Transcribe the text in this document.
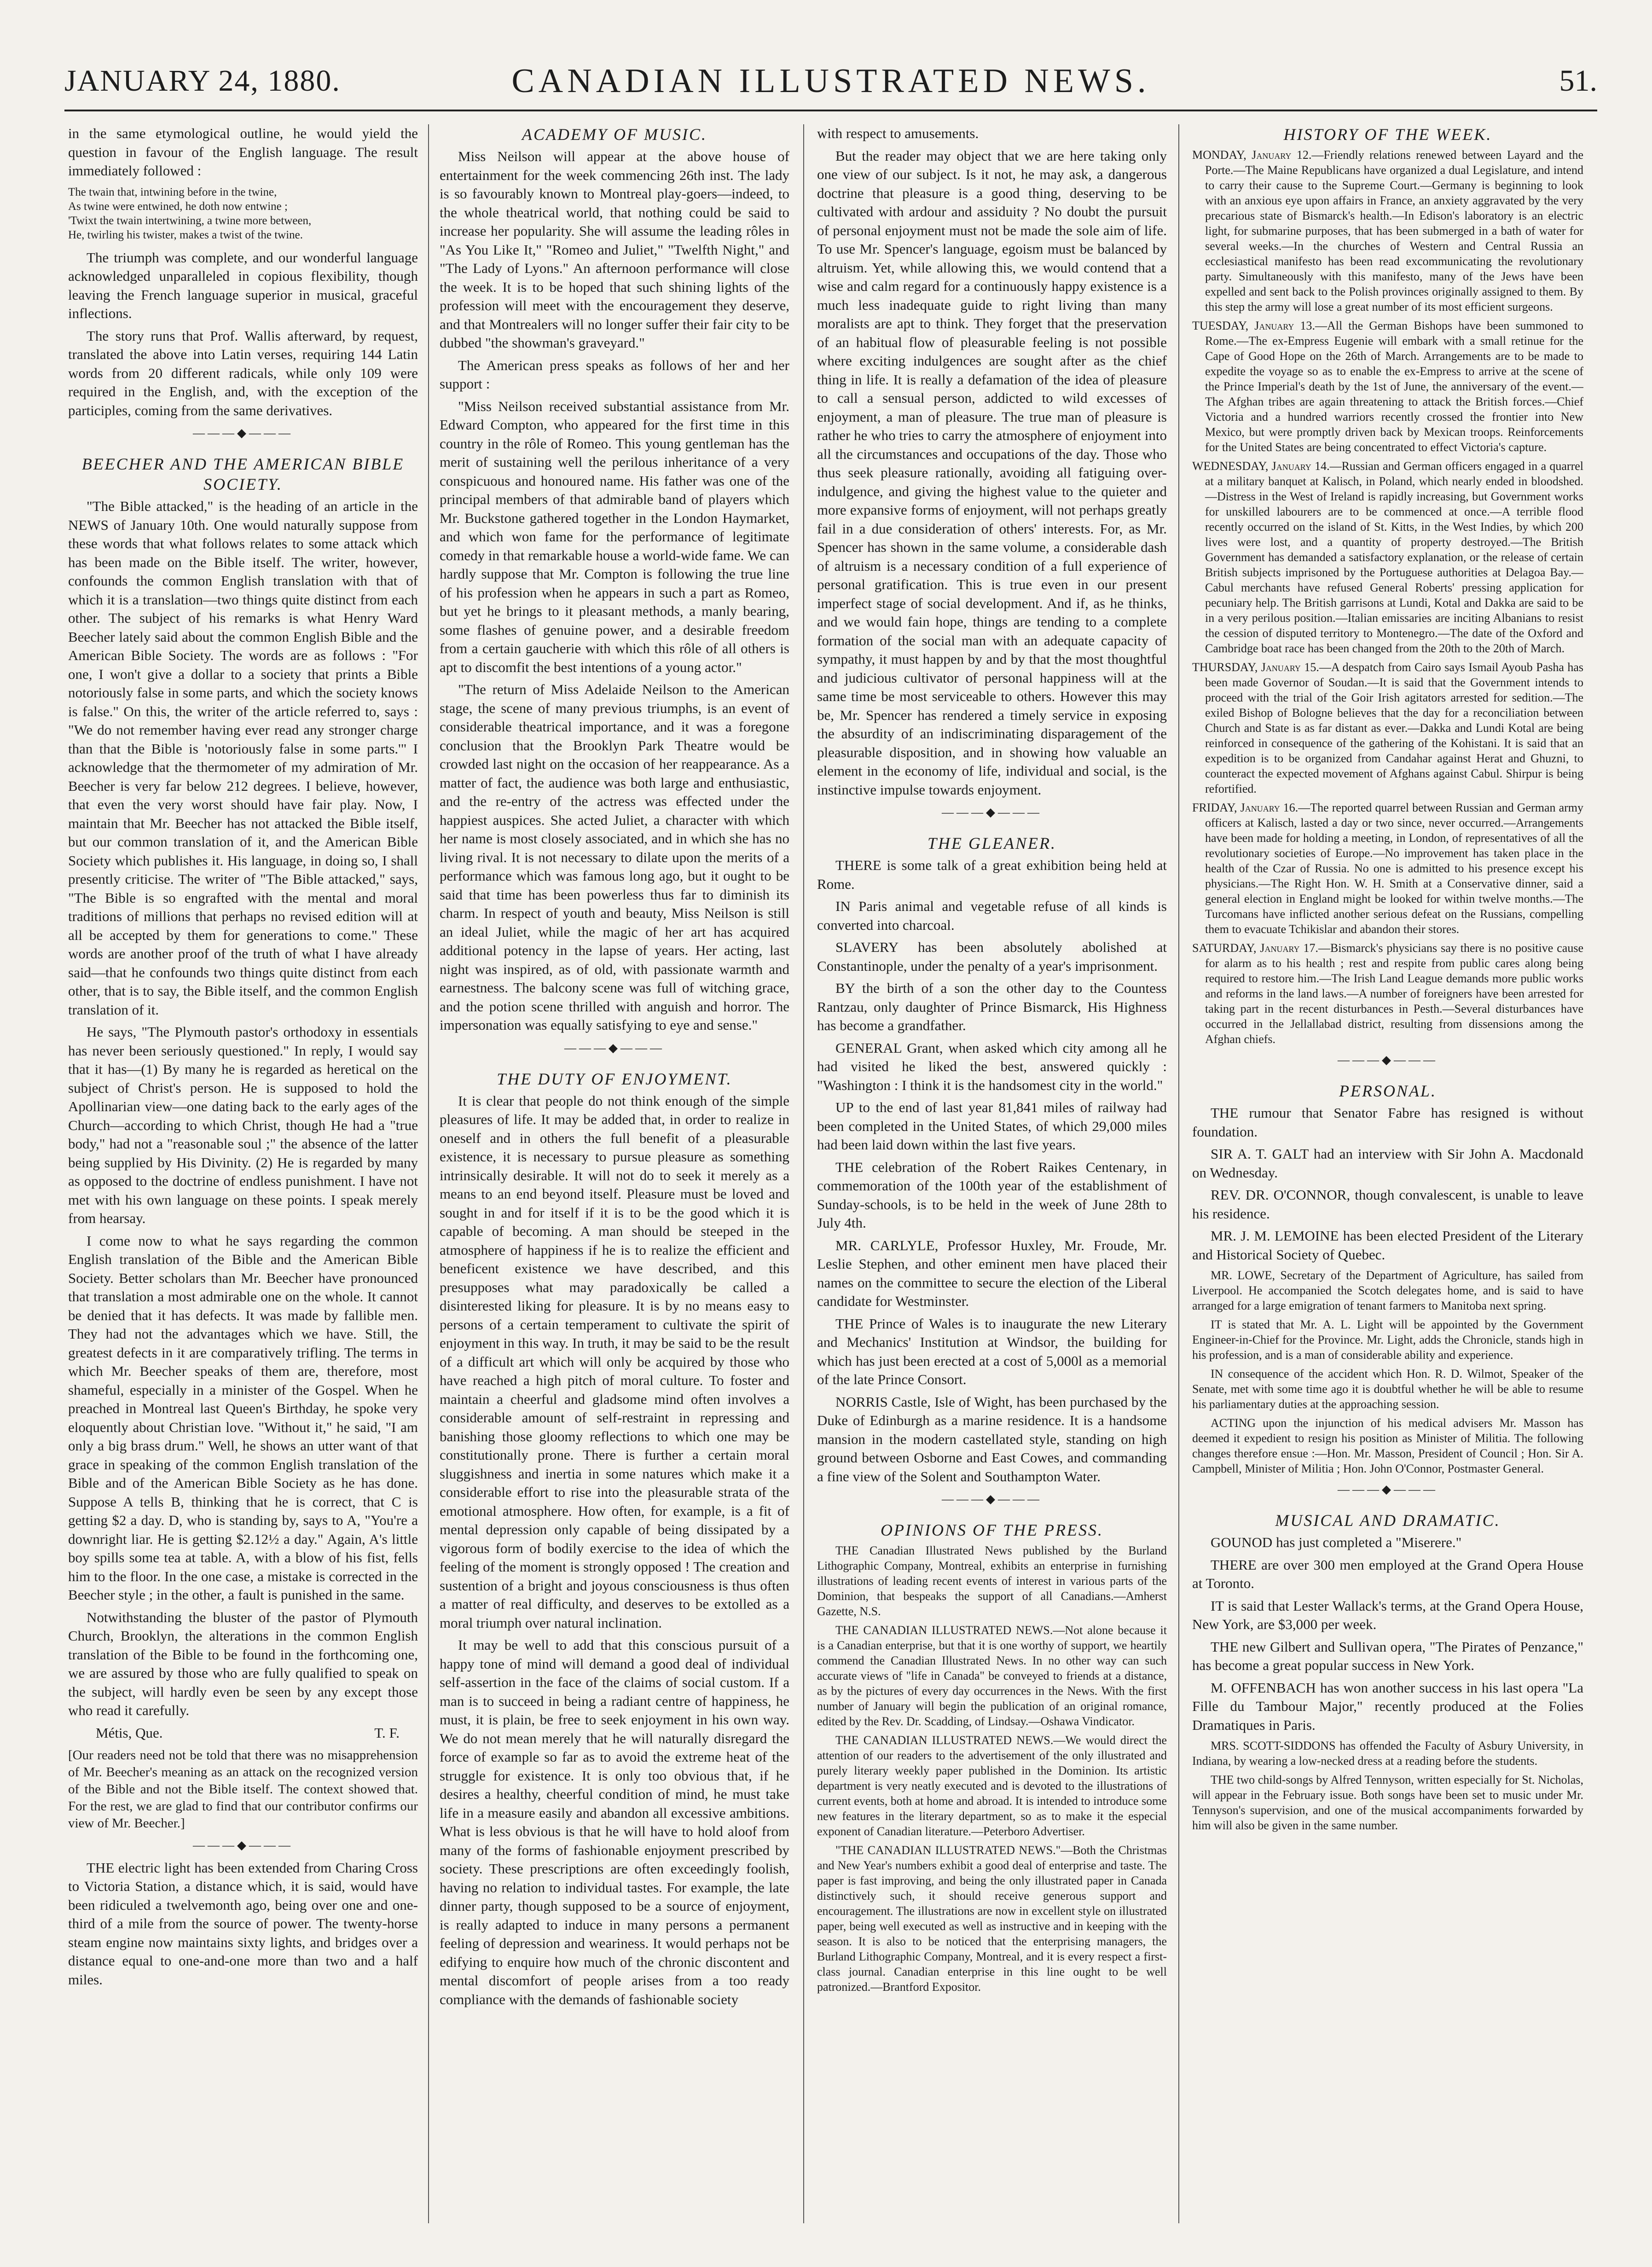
JANUARY 24, 1880.	CANADIAN ILLUSTRATED NEWS.	51.

in the same etymological outline, he would yield the question in favour of the English language. The result immediately followed :

The twain that, intwining before in the twine,
As twine were entwined, he doth now entwine ;
'Twixt the twain intertwining, a twine more between,
He, twirling his twister, makes a twist of the twine.

The triumph was complete, and our wonderful language acknowledged unparalleled in copious flexibility, though leaving the French language superior in musical, graceful inflections.

The story runs that Prof. Wallis afterward, by request, translated the above into Latin verses, requiring 144 Latin words from 20 different radicals, while only 109 were required in the English, and, with the exception of the participles, coming from the same derivatives.

———◆———
BEECHER AND THE AMERICAN BIBLE SOCIETY.

"The Bible attacked," is the heading of an article in the NEWS of January 10th. One would naturally suppose from these words that what follows relates to some attack which has been made on the Bible itself. The writer, however, confounds the common English translation with that of which it is a translation—two things quite distinct from each other. The subject of his remarks is what Henry Ward Beecher lately said about the common English Bible and the American Bible Society. The words are as follows : "For one, I won't give a dollar to a society that prints a Bible notoriously false in some parts, and which the society knows is false." On this, the writer of the article referred to, says : "We do not remember having ever read any stronger charge than that the Bible is 'notoriously false in some parts.'" I acknowledge that the thermometer of my admiration of Mr. Beecher is very far below 212 degrees. I believe, however, that even the very worst should have fair play. Now, I maintain that Mr. Beecher has not attacked the Bible itself, but our common translation of it, and the American Bible Society which publishes it. His language, in doing so, I shall presently criticise. The writer of "The Bible attacked," says, "The Bible is so engrafted with the mental and moral traditions of millions that perhaps no revised edition will at all be accepted by them for generations to come." These words are another proof of the truth of what I have already said—that he confounds two things quite distinct from each other, that is to say, the Bible itself, and the common English translation of it.

He says, "The Plymouth pastor's orthodoxy in essentials has never been seriously questioned." In reply, I would say that it has—(1) By many he is regarded as heretical on the subject of Christ's person. He is supposed to hold the Apollinarian view—one dating back to the early ages of the Church—according to which Christ, though He had a "true body," had not a "reasonable soul ;" the absence of the latter being supplied by His Divinity. (2) He is regarded by many as opposed to the doctrine of endless punishment. I have not met with his own language on these points. I speak merely from hearsay.

I come now to what he says regarding the common English translation of the Bible and the American Bible Society. Better scholars than Mr. Beecher have pronounced that translation a most admirable one on the whole. It cannot be denied that it has defects. It was made by fallible men. They had not the advantages which we have. Still, the greatest defects in it are comparatively trifling. The terms in which Mr. Beecher speaks of them are, therefore, most shameful, especially in a minister of the Gospel. When he preached in Montreal last Queen's Birthday, he spoke very eloquently about Christian love. "Without it," he said, "I am only a big brass drum." Well, he shows an utter want of that grace in speaking of the common English translation of the Bible and of the American Bible Society as he has done. Suppose A tells B, thinking that he is correct, that C is getting $2 a day. D, who is standing by, says to A, "You're a downright liar. He is getting $2.12½ a day." Again, A's little boy spills some tea at table. A, with a blow of his fist, fells him to the floor. In the one case, a mistake is corrected in the Beecher style ; in the other, a fault is punished in the same.

Notwithstanding the bluster of the pastor of Plymouth Church, Brooklyn, the alterations in the common English translation of the Bible to be found in the forthcoming one, we are assured by those who are fully qualified to speak on the subject, will hardly even be seen by any except those who read it carefully.

Métis, Que.	T. F.
[Our readers need not be told that there was no misapprehension of Mr. Beecher's meaning as an attack on the recognized version of the Bible and not the Bible itself. The context showed that. For the rest, we are glad to find that our contributor confirms our view of Mr. Beecher.]
———◆———

THE electric light has been extended from Charing Cross to Victoria Station, a distance which, it is said, would have been ridiculed a twelvemonth ago, being over one and one-third of a mile from the source of power. The twenty-horse steam engine now maintains sixty lights, and bridges over a distance equal to one-and-one more than two and a half miles.

ACADEMY OF MUSIC.

Miss Neilson will appear at the above house of entertainment for the week commencing 26th inst. The lady is so favourably known to Montreal play-goers—indeed, to the whole theatrical world, that nothing could be said to increase her popularity. She will assume the leading rôles in "As You Like It," "Romeo and Juliet," "Twelfth Night," and "The Lady of Lyons." An afternoon performance will close the week. It is to be hoped that such shining lights of the profession will meet with the encouragement they deserve, and that Montrealers will no longer suffer their fair city to be dubbed "the showman's graveyard."

The American press speaks as follows of her and her support :

"Miss Neilson received substantial assistance from Mr. Edward Compton, who appeared for the first time in this country in the rôle of Romeo. This young gentleman has the merit of sustaining well the perilous inheritance of a very conspicuous and honoured name. His father was one of the principal members of that admirable band of players which Mr. Buckstone gathered together in the London Haymarket, and which won fame for the performance of legitimate comedy in that remarkable house a world-wide fame. We can hardly suppose that Mr. Compton is following the true line of his profession when he appears in such a part as Romeo, but yet he brings to it pleasant methods, a manly bearing, some flashes of genuine power, and a desirable freedom from a certain gaucherie with which this rôle of all others is apt to discomfit the best intentions of a young actor."

"The return of Miss Adelaide Neilson to the American stage, the scene of many previous triumphs, is an event of considerable theatrical importance, and it was a foregone conclusion that the Brooklyn Park Theatre would be crowded last night on the occasion of her reappearance. As a matter of fact, the audience was both large and enthusiastic, and the re-entry of the actress was effected under the happiest auspices. She acted Juliet, a character with which her name is most closely associated, and in which she has no living rival. It is not necessary to dilate upon the merits of a performance which was famous long ago, but it ought to be said that time has been powerless thus far to diminish its charm. In respect of youth and beauty, Miss Neilson is still an ideal Juliet, while the magic of her art has acquired additional potency in the lapse of years. Her acting, last night was inspired, as of old, with passionate warmth and earnestness. The balcony scene was full of witching grace, and the potion scene thrilled with anguish and horror. The impersonation was equally satisfying to eye and sense."

———◆———
THE DUTY OF ENJOYMENT.

It is clear that people do not think enough of the simple pleasures of life. It may be added that, in order to realize in oneself and in others the full benefit of a pleasurable existence, it is necessary to pursue pleasure as something intrinsically desirable. It will not do to seek it merely as a means to an end beyond itself. Pleasure must be loved and sought in and for itself if it is to be the good which it is capable of becoming. A man should be steeped in the atmosphere of happiness if he is to realize the efficient and beneficent existence we have described, and this presupposes what may paradoxically be called a disinterested liking for pleasure. It is by no means easy to persons of a certain temperament to cultivate the spirit of enjoyment in this way. In truth, it may be said to be the result of a difficult art which will only be acquired by those who have reached a high pitch of moral culture. To foster and maintain a cheerful and gladsome mind often involves a considerable amount of self-restraint in repressing and banishing those gloomy reflections to which one may be constitutionally prone. There is further a certain moral sluggishness and inertia in some natures which make it a considerable effort to rise into the pleasurable strata of the emotional atmosphere. How often, for example, is a fit of mental depression only capable of being dissipated by a vigorous form of bodily exercise to the idea of which the feeling of the moment is strongly opposed ! The creation and sustention of a bright and joyous consciousness is thus often a matter of real difficulty, and deserves to be extolled as a moral triumph over natural inclination.

It may be well to add that this conscious pursuit of a happy tone of mind will demand a good deal of individual self-assertion in the face of the claims of social custom. If a man is to succeed in being a radiant centre of happiness, he must, it is plain, be free to seek enjoyment in his own way. We do not mean merely that he will naturally disregard the force of example so far as to avoid the extreme heat of the struggle for existence. It is only too obvious that, if he desires a healthy, cheerful condition of mind, he must take life in a measure easily and abandon all excessive ambitions. What is less obvious is that he will have to hold aloof from many of the forms of fashionable enjoyment prescribed by society. These prescriptions are often exceedingly foolish, having no relation to individual tastes. For example, the late dinner party, though supposed to be a source of enjoyment, is really adapted to induce in many persons a permanent feeling of depression and weariness. It would perhaps not be edifying to enquire how much of the chronic discontent and mental discomfort of people arises from a too ready compliance with the demands of fashionable society

with respect to amusements.

But the reader may object that we are here taking only one view of our subject. Is it not, he may ask, a dangerous doctrine that pleasure is a good thing, deserving to be cultivated with ardour and assiduity ? No doubt the pursuit of personal enjoyment must not be made the sole aim of life. To use Mr. Spencer's language, egoism must be balanced by altruism. Yet, while allowing this, we would contend that a wise and calm regard for a continuously happy existence is a much less inadequate guide to right living than many moralists are apt to think. They forget that the preservation of an habitual flow of pleasurable feeling is not possible where exciting indulgences are sought after as the chief thing in life. It is really a defamation of the idea of pleasure to call a sensual person, addicted to wild excesses of enjoyment, a man of pleasure. The true man of pleasure is rather he who tries to carry the atmosphere of enjoyment into all the circumstances and occupations of the day. Those who thus seek pleasure rationally, avoiding all fatiguing over-indulgence, and giving the highest value to the quieter and more expansive forms of enjoyment, will not perhaps greatly fail in a due consideration of others' interests. For, as Mr. Spencer has shown in the same volume, a considerable dash of altruism is a necessary condition of a full experience of personal gratification. This is true even in our present imperfect stage of social development. And if, as he thinks, and we would fain hope, things are tending to a complete formation of the social man with an adequate capacity of sympathy, it must happen by and by that the most thoughtful and judicious cultivator of personal happiness will at the same time be most serviceable to others. However this may be, Mr. Spencer has rendered a timely service in exposing the absurdity of an indiscriminating disparagement of the pleasurable disposition, and in showing how valuable an element in the economy of life, individual and social, is the instinctive impulse towards enjoyment.

———◆———
THE GLEANER.

THERE is some talk of a great exhibition being held at Rome.

IN Paris animal and vegetable refuse of all kinds is converted into charcoal.

SLAVERY has been absolutely abolished at Constantinople, under the penalty of a year's imprisonment.

BY the birth of a son the other day to the Countess Rantzau, only daughter of Prince Bismarck, His Highness has become a grandfather.

GENERAL Grant, when asked which city among all he had visited he liked the best, answered quickly : "Washington : I think it is the handsomest city in the world."

UP to the end of last year 81,841 miles of railway had been completed in the United States, of which 29,000 miles had been laid down within the last five years.

THE celebration of the Robert Raikes Centenary, in commemoration of the 100th year of the establishment of Sunday-schools, is to be held in the week of June 28th to July 4th.

MR. CARLYLE, Professor Huxley, Mr. Froude, Mr. Leslie Stephen, and other eminent men have placed their names on the committee to secure the election of the Liberal candidate for Westminster.

THE Prince of Wales is to inaugurate the new Literary and Mechanics' Institution at Windsor, the building for which has just been erected at a cost of 5,000l as a memorial of the late Prince Consort.

NORRIS Castle, Isle of Wight, has been purchased by the Duke of Edinburgh as a marine residence. It is a handsome mansion in the modern castellated style, standing on high ground between Osborne and East Cowes, and commanding a fine view of the Solent and Southampton Water.

———◆———
OPINIONS OF THE PRESS.

THE Canadian Illustrated News published by the Burland Lithographic Company, Montreal, exhibits an enterprise in furnishing illustrations of leading recent events of interest in various parts of the Dominion, that bespeaks the support of all Canadians.—Amherst Gazette, N.S.

THE CANADIAN ILLUSTRATED NEWS.—Not alone because it is a Canadian enterprise, but that it is one worthy of support, we heartily commend the Canadian Illustrated News. In no other way can such accurate views of "life in Canada" be conveyed to friends at a distance, as by the pictures of every day occurrences in the News. With the first number of January will begin the publication of an original romance, edited by the Rev. Dr. Scadding, of Lindsay.—Oshawa Vindicator.

THE CANADIAN ILLUSTRATED NEWS.—We would direct the attention of our readers to the advertisement of the only illustrated and purely literary weekly paper published in the Dominion. Its artistic department is very neatly executed and is devoted to the illustrations of current events, both at home and abroad. It is intended to introduce some new features in the literary department, so as to make it the especial exponent of Canadian literature.—Peterboro Advertiser.

"THE CANADIAN ILLUSTRATED NEWS."—Both the Christmas and New Year's numbers exhibit a good deal of enterprise and taste. The paper is fast improving, and being the only illustrated paper in Canada distinctively such, it should receive generous support and encouragement. The illustrations are now in excellent style on illustrated paper, being well executed as well as instructive and in keeping with the season. It is also to be noticed that the enterprising managers, the Burland Lithographic Company, Montreal, and it is every respect a first-class journal. Canadian enterprise in this line ought to be well patronized.—Brantford Expositor.

HISTORY OF THE WEEK.

MONDAY, January 12.—Friendly relations renewed between Layard and the Porte.—The Maine Republicans have organized a dual Legislature, and intend to carry their cause to the Supreme Court.—Germany is beginning to look with an anxious eye upon affairs in France, an anxiety aggravated by the very precarious state of Bismarck's health.—In Edison's laboratory is an electric light, for submarine purposes, that has been submerged in a bath of water for several weeks.—In the churches of Western and Central Russia an ecclesiastical manifesto has been read excommunicating the revolutionary party. Simultaneously with this manifesto, many of the Jews have been expelled and sent back to the Polish provinces originally assigned to them. By this step the army will lose a great number of its most efficient surgeons.

TUESDAY, January 13.—All the German Bishops have been summoned to Rome.—The ex-Empress Eugenie will embark with a small retinue for the Cape of Good Hope on the 26th of March. Arrangements are to be made to expedite the voyage so as to enable the ex-Empress to arrive at the scene of the Prince Imperial's death by the 1st of June, the anniversary of the event.—The Afghan tribes are again threatening to attack the British forces.—Chief Victoria and a hundred warriors recently crossed the frontier into New Mexico, but were promptly driven back by Mexican troops. Reinforcements for the United States are being concentrated to effect Victoria's capture.

WEDNESDAY, January 14.—Russian and German officers engaged in a quarrel at a military banquet at Kalisch, in Poland, which nearly ended in bloodshed.—Distress in the West of Ireland is rapidly increasing, but Government works for unskilled labourers are to be commenced at once.—A terrible flood recently occurred on the island of St. Kitts, in the West Indies, by which 200 lives were lost, and a quantity of property destroyed.—The British Government has demanded a satisfactory explanation, or the release of certain British subjects imprisoned by the Portuguese authorities at Delagoa Bay.—Cabul merchants have refused General Roberts' pressing application for pecuniary help. The British garrisons at Lundi, Kotal and Dakka are said to be in a very perilous position.—Italian emissaries are inciting Albanians to resist the cession of disputed territory to Montenegro.—The date of the Oxford and Cambridge boat race has been changed from the 20th to the 20th of March.

THURSDAY, January 15.—A despatch from Cairo says Ismail Ayoub Pasha has been made Governor of Soudan.—It is said that the Government intends to proceed with the trial of the Goir Irish agitators arrested for sedition.—The exiled Bishop of Bologne believes that the day for a reconciliation between Church and State is as far distant as ever.—Dakka and Lundi Kotal are being reinforced in consequence of the gathering of the Kohistani. It is said that an expedition is to be organized from Candahar against Herat and Ghuzni, to counteract the expected movement of Afghans against Cabul. Shirpur is being refortified.

FRIDAY, January 16.—The reported quarrel between Russian and German army officers at Kalisch, lasted a day or two since, never occurred.—Arrangements have been made for holding a meeting, in London, of representatives of all the revolutionary societies of Europe.—No improvement has taken place in the health of the Czar of Russia. No one is admitted to his presence except his physicians.—The Right Hon. W. H. Smith at a Conservative dinner, said a general election in England might be looked for within twelve months.—The Turcomans have inflicted another serious defeat on the Russians, compelling them to evacuate Tchikislar and abandon their stores.

SATURDAY, January 17.—Bismarck's physicians say there is no positive cause for alarm as to his health ; rest and respite from public cares along being required to restore him.—The Irish Land League demands more public works and reforms in the land laws.—A number of foreigners have been arrested for taking part in the recent disturbances in Pesth.—Several disturbances have occurred in the Jellallabad district, resulting from dissensions among the Afghan chiefs.

———◆———
PERSONAL.

THE rumour that Senator Fabre has resigned is without foundation.

SIR A. T. GALT had an interview with Sir John A. Macdonald on Wednesday.

REV. DR. O'CONNOR, though convalescent, is unable to leave his residence.

MR. J. M. LEMOINE has been elected President of the Literary and Historical Society of Quebec.

MR. LOWE, Secretary of the Department of Agriculture, has sailed from Liverpool. He accompanied the Scotch delegates home, and is said to have arranged for a large emigration of tenant farmers to Manitoba next spring.

IT is stated that Mr. A. L. Light will be appointed by the Government Engineer-in-Chief for the Province. Mr. Light, adds the Chronicle, stands high in his profession, and is a man of considerable ability and experience.

IN consequence of the accident which Hon. R. D. Wilmot, Speaker of the Senate, met with some time ago it is doubtful whether he will be able to resume his parliamentary duties at the approaching session.

ACTING upon the injunction of his medical advisers Mr. Masson has deemed it expedient to resign his position as Minister of Militia. The following changes therefore ensue :—Hon. Mr. Masson, President of Council ; Hon. Sir A. Campbell, Minister of Militia ; Hon. John O'Connor, Postmaster General.

———◆———
MUSICAL AND DRAMATIC.

GOUNOD has just completed a "Miserere."

THERE are over 300 men employed at the Grand Opera House at Toronto.

IT is said that Lester Wallack's terms, at the Grand Opera House, New York, are $3,000 per week.

THE new Gilbert and Sullivan opera, "The Pirates of Penzance," has become a great popular success in New York.

M. OFFENBACH has won another success in his last opera "La Fille du Tambour Major," recently produced at the Folies Dramatiques in Paris.

MRS. SCOTT-SIDDONS has offended the Faculty of Asbury University, in Indiana, by wearing a low-necked dress at a reading before the students.

THE two child-songs by Alfred Tennyson, written especially for St. Nicholas, will appear in the February issue. Both songs have been set to music under Mr. Tennyson's supervision, and one of the musical accompaniments forwarded by him will also be given in the same number.
